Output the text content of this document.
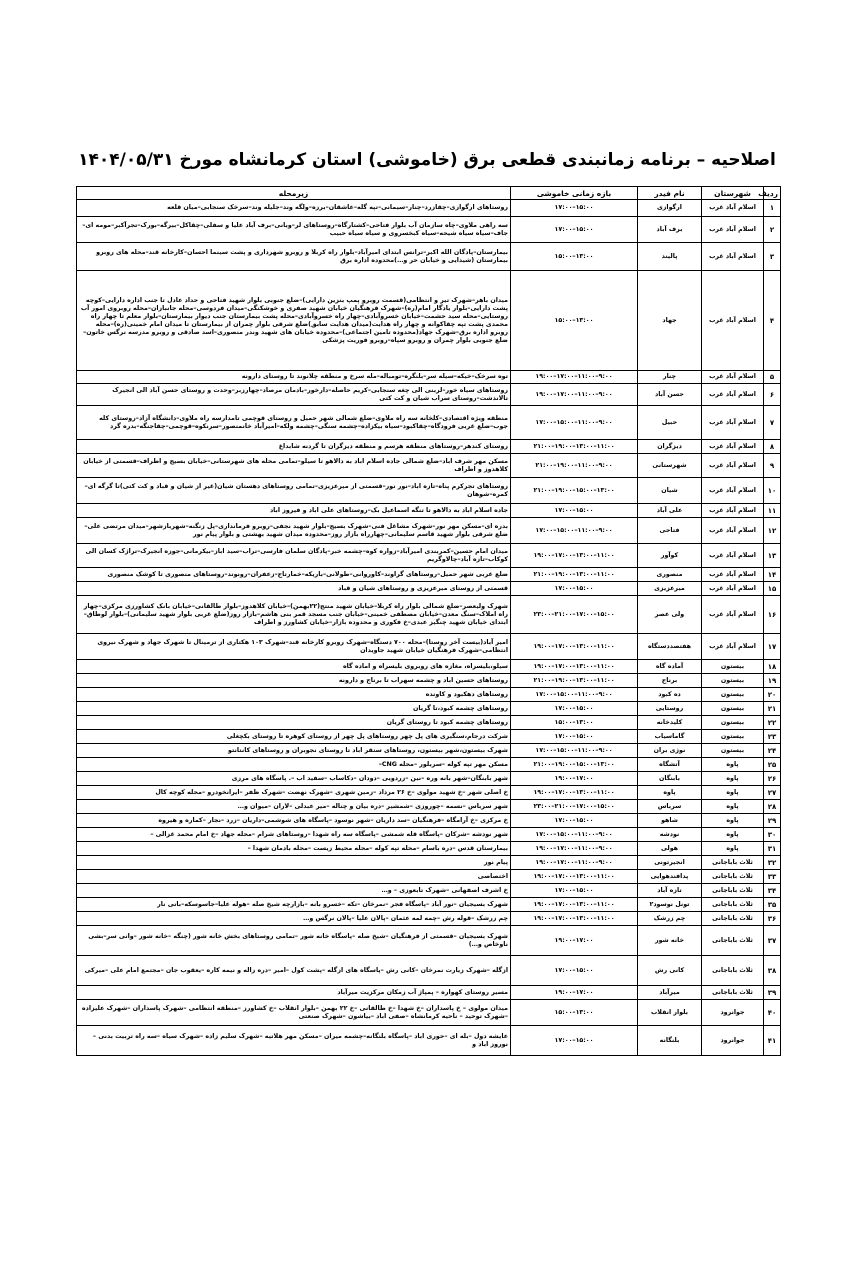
اصلاحیه – برنامه زمانبندی قطعی برق (خاموشی) استان کرمانشاه مورخ ۱۴۰۴/۰۵/۳۱
ردیف	شهرستان	نام فیدر	بازه زمانی خاموشی	زیرمحله
۱	اسلام آباد غرب	ارگوازی	۱۵:۰۰–۱۷:۰۰	روستاهای ارگوازی–چقازرد–چنار–سیمانی–تپه گله–عاشقان–برزه–ولگه وند–جلیله وند–سرخک سنجابی–میان قلعه
۲	اسلام آباد غرب	برف آباد	۱۵:۰۰–۱۷:۰۰	سه راهی ملاوی–چاه سازمان آب بلوار فتاحی–کشتارگاه–روستاهای لر–وبانی–برف آباد علیا و سفلی–چقاکل–بیرگه–بورک–تجرآکبر–مومه ای–جاف–سیاه سیاه شیحه–سیاه کبخسروی و سیاه سیاه حبیب
۳	اسلام آباد غرب	پالیند	۱۳:۰۰–۱۵:۰۰	بیمارستان–پادگان الله اکبر–ترانس ابتدای امیرآباد–بلوار راه کربلا و روبرو شهرداری و پشت سینما احسان–کارخانه قند–محله های روبرو بیمارستان (شیدایی و خیابان حر و…)محدوده اداره برق
۴	اسلام آباد غرب	جهاد	۱۳:۰۰–۱۵:۰۰	میدان باهر–شهرک تیر و انتظامی(قسمت روبرو پمپ بنزین دارایی)–ضلع جنوبی بلوار شهید فتاحی و حداد عادل تا جنب اداره دارایی–کوچه پشت دارایی–بلوار یادگار امام(ره)–شهرک فرهنگیان خیابان شهید صفری و خوشکنگی–میدان فردوسی–محله جانبازان–محله روبروی امور آب روستایی–محله سید حشمت–خیابان خسروآبادی–چهار راه خسروآبادی–محله پشت بیمارستان جنب دیوار بیمارستان–بلوار معلم تا چهار راه محمدی پشت تپه چقاکوانه و چهار راه هدایت(میدان هدایت سابق)ضلع شرقی بلوار چمران از بیمارستان تا میدان امام خمینی(ره)–محله روبرو اداره برق–شهرک جهاد(محدوده تامین اجتماعی)–محدوده خیابان های شهید وندر منصوری–اسد صادقی و روبرو مدرسه نرگس خاتون–ضلع جنوبی بلوار چمران و روبرو سپاه–روبرو فوریت پزشکی
۵	اسلام آباد غرب	چنار	۹:۰۰–۱۱:۰۰–۱۷:۰۰–۱۹:۰۰	توه سرخک–خیکه–سیله سر–بلنگره–تومباله–مله سرخ و منطقه چلانوند تا روستای دارونه
۶	اسلام آباد غرب	حسن آباد	۹:۰۰–۱۱:۰۰–۱۷:۰۰–۱۹:۰۰	روستاهای سیاه خور–لربنی الی چغه سنجابی–کریم حاصله–دارخور–بادمان مرصاد–چهارزبر–وحدت و روستای حسن آباد الی انجیرک تالاندشت–روستای سراب شیان و کت کتی
۷	اسلام آباد غرب	حبیل	۹:۰۰–۱۱:۰۰–۱۵:۰۰–۱۷:۰۰	منطقه ویژه اقتصادی–کلخانه سه راه ملاوی–ضلع شمالی شهر حمیل و روستای قوچمی تامدارسه راه ملاوی–دانشگاه آزاد–روستای کله جوب–ضلع غربی فرودگاه–چقاکبود–سیاه بیکزاده–چشمه سنگی–چشمه ولکه–امیرآباد خانمنصور–سرنکوه–قوچمی–چقاجنگه–بدره گرد
۸	اسلام آباد غرب	دیزگران	۱۱:۰۰–۱۳:۰۰–۱۹:۰۰–۲۱:۰۰	روستای کندهر–روستاهای منطقه هرسم و منطقه دیزگران تا گردنه شابداغ
۹	اسلام آباد غرب	شهرستانی	۹:۰۰–۱۱:۰۰–۱۹:۰۰–۲۱:۰۰	مسکن مهر شرف اباد–ضلع شمالی جاده اسلام اباد به دالاهو تا سیلو–تمامی محله های شهرستانی–خیابان بسیج و اطراف–قسمتی از خیابان کلاهدوز و اطراف
۱۰	اسلام آباد غرب	شیان	۱۳:۰۰–۱۵:۰۰–۱۹:۰۰–۲۱:۰۰	روستاهای تجرکرم پناه–تازه اباد–نور نور–قسمتی از میرعزیزی–تمامی روستاهای دهستان شیان(غیر از شیان و قباد و کت کتی)تا گرگه ای–کمره–شوهان
۱۱	اسلام آباد غرب	علی آباد	۱۵:۰۰–۱۷:۰۰	جاده اسلام اباد به دالاهو تا تنگه اسماعیل بک–روستاهای علی اباد و فیروز اباد
۱۲	اسلام آباد غرب	فتاحی	۹:۰۰–۱۱:۰۰–۱۵:۰۰–۱۷:۰۰	بدره ای–مسکن مهر نور–شهرک مشاغل فنی–شهرک بسیج–بلوار شهید نجفی–روبرو فرمانداری–پل زنگنه–شهربازشهر–میدان مرتضی علی–ضلع شرقی بلوار شهید قاسم سلیمانی–چهارراه بازار روز–محدوده میدان شهید بهشتی و بلوار پیام نور
۱۳	اسلام آباد غرب	کوآور	۱۱:۰۰–۱۳:۰۰–۱۷:۰۰–۱۹:۰۰	میدان امام حسین–کمربندی امیرآباد–زواره کوه–چشمه خبر–پادگان سلمان فارسی–تراب–سید اباز–بیکرمانی–جوزه انجیرک–تراژک کسان الی کوکاب–تازه آباد–چالاوگریم
۱۴	اسلام آباد غرب	منصوری	۱۱:۰۰–۱۳:۰۰–۱۹:۰۰–۲۱:۰۰	ضلع غربی شهر حمیل–روستاهای گراوند–کاوروانی–طولانی–باریکه–خمارتاج–زعفران–رونوند–روستاهای منصوری تا کوشک منصوری
۱۵	اسلام آباد غرب	میرعزیزی	۱۵:۰۰–۱۷:۰۰	قسمتی از روستای میرعزیزی و روستاهای شیان و قباد
۱۶	اسلام آباد غرب	ولی عصر	۱۵:۰۰–۱۷:۰۰–۲۱:۰۰–۲۳:۰۰	شهرک ولیعصر–ضلع شمالی بلوار راه کربلا–خیابان شهید منتج(۲۲بهمن)–خیابان کلاهدوز–بلوار طالقانی–خیابان بانک کشاورزی مرکزی–چهار راه املاک–سنگ معدن–خیابان مصطفی خمینی–خیابان جنب مسجد قمر بنی هاشم–بازار روز(ضلع غربی بلوار شهید سلیمانی)–بلوار لوطاق–ابتدای خیابان شهید چنگیز عبدی–خ فکوری و محدوده بازار–خیابان کشاورز و اطراف
۱۷	اسلام آباد غرب	هفتصددستگاه	۱۱:۰۰–۱۳:۰۰–۱۷:۰۰–۱۹:۰۰	امیر آباد(بیست آخر روستا)–محله ۷۰۰ دستگاه–شهرک روبرو کارخانه قند–شهرک ۱۰۳ هکتاری از ترمینال تا شهرک جهاد و شهرک نیروی انتظامی–شهرک فرهنگیان خیابان شهید جاویدان
۱۸	بیستون	آماده گاه	۱۱:۰۰–۱۳:۰۰–۱۷:۰۰–۱۹:۰۰	سیلو،بلیسراه، مغازه های روبروی بلیسراه و اماده گاه
۱۹	بیستون	برناج	۱۱:۰۰–۱۳:۰۰–۱۹:۰۰–۲۱:۰۰	روستاهای حسین اباد و چشمه سهراب تا برناج و دارونه
۲۰	بیستون	ده کبود	۹:۰۰–۱۱:۰۰–۱۵:۰۰–۱۷:۰۰	روستاهای دهکبود و کاونده
۲۱	بیستون	روستایی	۱۵:۰۰–۱۷:۰۰	روستاهای چشمه کبود،تا گریان
۲۲	بیستون	کلیدخانه	۱۳:۰۰–۱۵:۰۰	روستاهای چشمه کبود تا روستای گریان
۲۳	بیستون	گاماسیاب	۱۵:۰۰–۱۷:۰۰	شرکت درجام،سنگبری های پل چهر روستاهای پل چهر از روستای کوهره تا روستای بکچغلی
۲۴	بیستون	نوژی بران	۹:۰۰–۱۱:۰۰–۱۵:۰۰–۱۷:۰۰	شهرک بیستون،شهر بیستون، روستاهای سنقر اباد تا روستای نجوبران و روستاهای کانتانتو
۲۵	پاوه	آتشگاه	۱۳:۰۰–۱۵:۰۰–۱۹:۰۰–۲۱:۰۰	مسکن مهر تپه کوله –سربلور –محله CNG–
۲۶	پاوه	بابنگان	۱۷:۰۰–۱۹:۰۰	شهر بابنگان–شهر بانه وره –نین –زردویی –دودان –دکاساب –سفید اب –. پاسگاه های مرزی
۲۷	پاوه	پاوه	۱۱:۰۰–۱۳:۰۰–۱۷:۰۰–۱۹:۰۰	خ اصلی شهر –خ شهید مولوی –خ ۲۶ مرداد –زمین شهری –شهرک نهضت –شهرک ظفر –ایرانخودرو –محله کوچه کال
۲۸	پاوه	سرباس	۱۵:۰۰–۱۷:۰۰–۲۱:۰۰–۲۳:۰۰	شهر سرباس –نسمه –چوروزی –شمشیر –دره بیان و چناله –میر عبدلی –لاران –میوان و…
۲۹	پاوه	شاهو	۱۵:۰۰–۱۷:۰۰	خ مرکزی –خ آرامگاه –فرهنگیان –سد داریان –شهر نوسود –پاسگاه های شوشمی–داریان –زرد –نجار –کماره و هیروه
۳۰	پاوه	نودشه	۹:۰۰–۱۱:۰۰–۱۵:۰۰–۱۷:۰۰	شهر نودشه –شرکان –پاسگاه قله شمشی –پاسگاه سه راه شهدا –روستاهای شرام –محله جهاد –خ امام محمد غزالی –
۳۱	پاوه	هولی	۹:۰۰–۱۱:۰۰–۱۷:۰۰–۱۹:۰۰	بیمارستان قدس –دره باسام –محله تپه کوله –محله محیط زیست –محله بادمان شهدا –
۳۲	ثلاث باباجانی	انجیرتونی	۹:۰۰–۱۱:۰۰–۱۷:۰۰–۱۹:۰۰	پیام نور
۳۳	ثلاث باباجانی	پدافندهوایی	۱۱:۰۰–۱۳:۰۰–۱۷:۰۰–۱۹:۰۰	اختصاصی
۳۴	ثلاث باباجانی	تازه آباد	۱۵:۰۰–۱۷:۰۰	خ اشرف اصفهانی –شهرک تابعوزی – و…
۳۵	ثلاث باباجانی	تونل نوسود۲	۱۱:۰۰–۱۳:۰۰–۱۷:۰۰–۱۹:۰۰	شهرک بسیجیان –نور آباد –پاسگاه فجر –نمرخان –تکه –خسرو بانه –بازارچه شیخ صله –هوله علیا–جاسوسکه–بانی نار
۳۶	ثلاث باباجانی	چم زرشک	۱۱:۰۰–۱۳:۰۰–۱۷:۰۰–۱۹:۰۰	چم زرشک –قوله رش –چمه لمه عثمان –پالان علیا –پالان نرگس و…
۳۷	ثلاث باباجانی	خانه شور	۱۷:۰۰–۱۹:۰۰	شهرک بسیجیان –قسمتی از فرهنگیان –شیخ صله –پاسگاه خانه شور –تمامی روستاهای بخش خانه شور (چنگه –خانه شور –وانی سر–بشی ناوخاص و…)
۳۸	ثلاث باباجانی	کانی رش	۱۵:۰۰–۱۷:۰۰	ازگله –شهرک زیارت نمرخان –کانی رش –پاسگاه های ازگله –پشت کول –امیر –دره زاله و نیمه کاره –یعقوب جان –مجتمع امام علی –میرکی
۳۹	ثلاث باباجانی	میرآباد	۱۷:۰۰–۱۹:۰۰	مسیر روستای کهواره – پمپاژ آب زمکان مرکزیت میرآباد
۴۰	جوانرود	بلوار انقلاب	۱۳:۰۰–۱۵:۰۰	میدان مولوی – خ پاسداران –خ شهدا –خ طالقانی –خ ۲۲ بهمن –بلوار انقلاب –خ کشاورز –منطقه انتظامی –شهرک پاسداران –شهرک علیزاده –شهرک توحید – ناحیه کرمانشاه –صفی اباد –بیاشون –شهرک صنعتی
۴۱	جوانرود	بلنگانه	۱۵:۰۰–۱۷:۰۰	عایشه دول –بله ای –حوری اباد –پاسگاه بلنگانه–چشمه میران –مسکن مهر هلاتیه –شهرک سلیم زاده –شهرک سیاه –سه راه تربیت بدنی –نوروز اباد و
